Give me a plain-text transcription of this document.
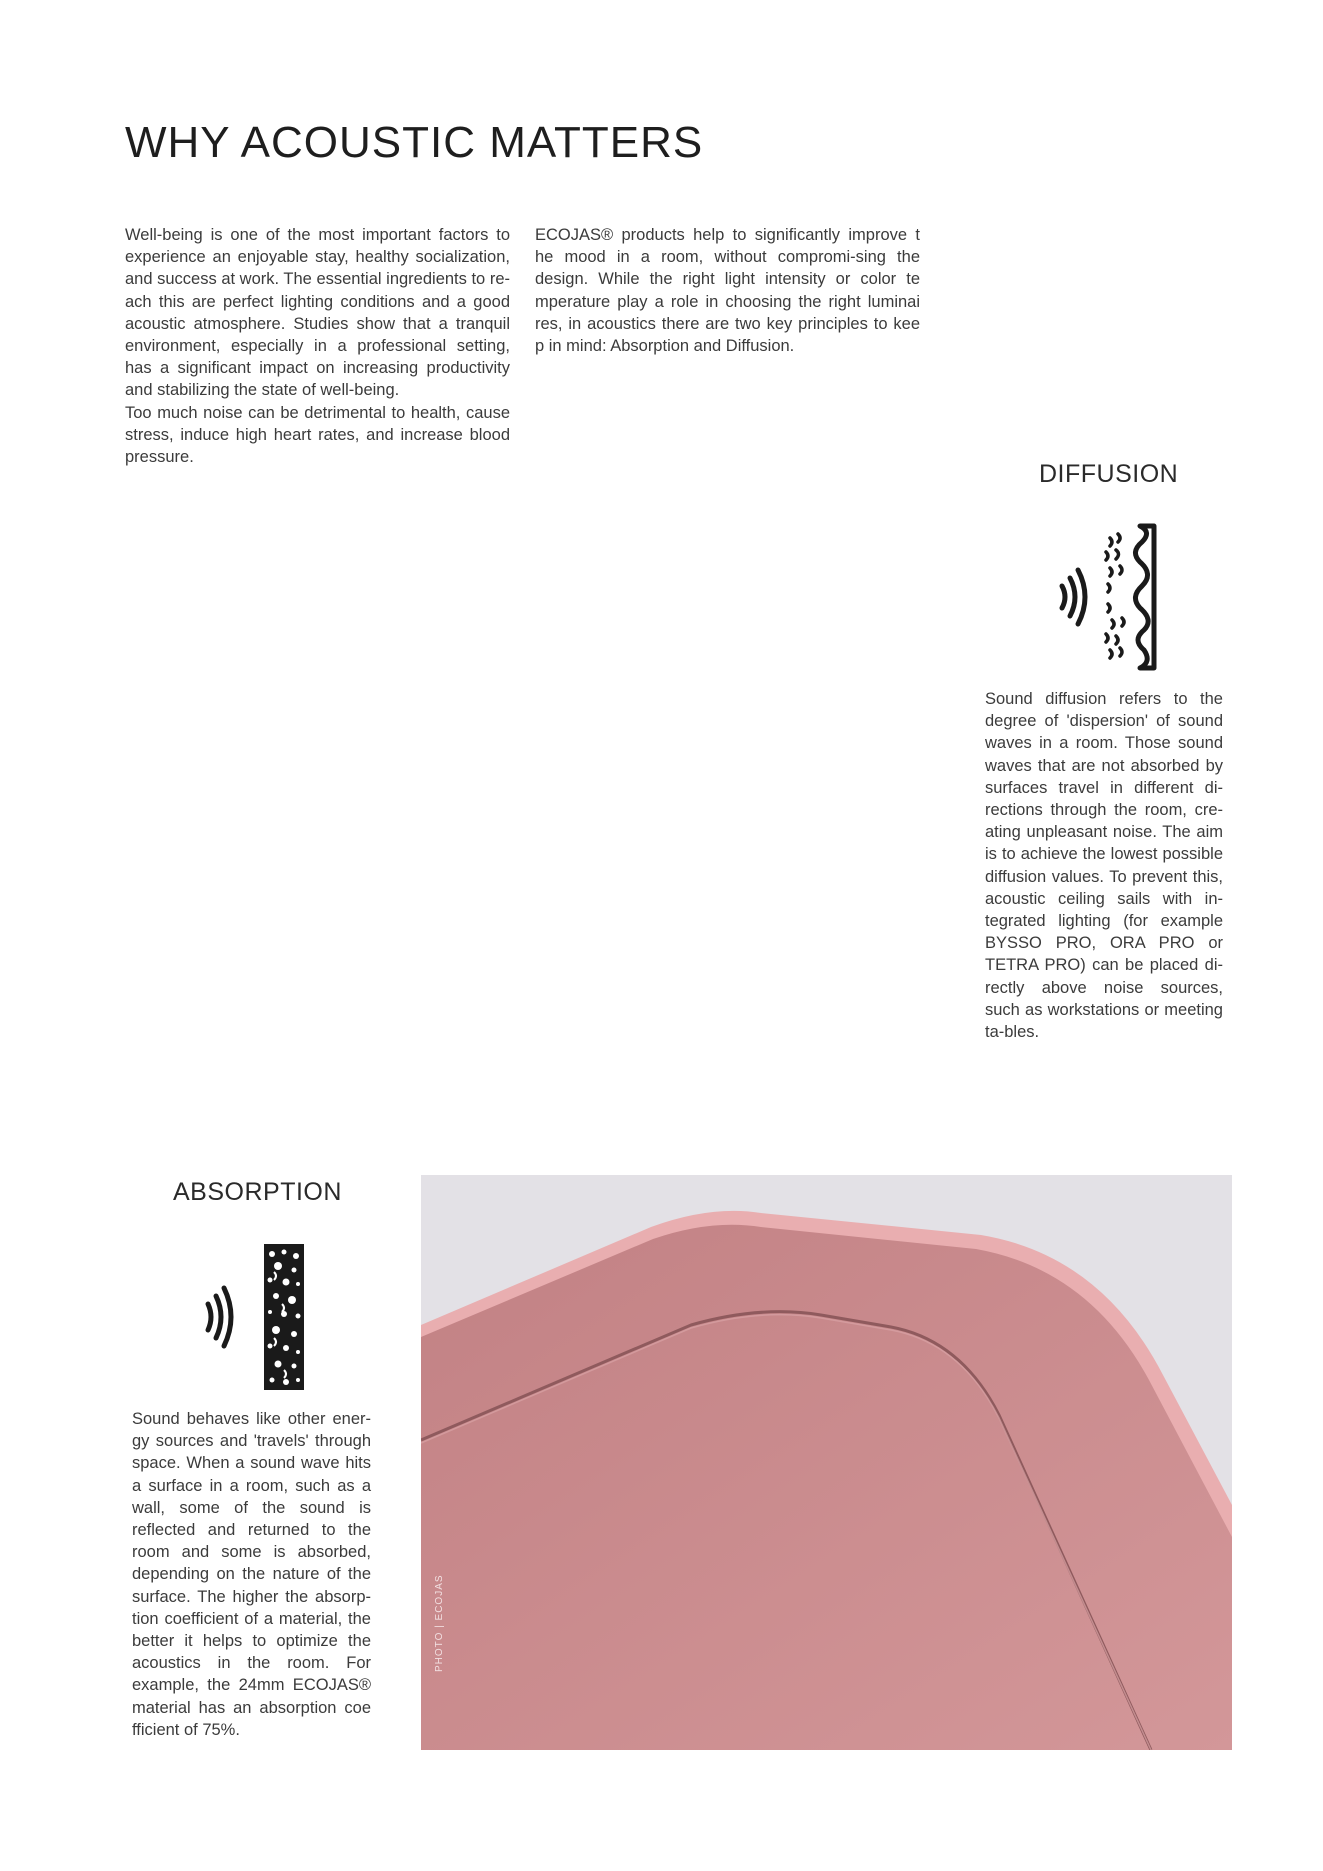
WHY ACOUSTIC MATTERS

Well-being is one of the most important factors to experience an enjoyable stay, healthy socialization, and success at work. The essential ingredients to re-ach this are perfect lighting conditions and a good acoustic atmosphere. Studies show that a tranquil environment, especially in a professional setting, has a significant impact on increasing productivity and stabilizing the state of well-being.

Too much noise can be detrimental to health, cause stress, induce high heart rates, and increase blood pressure.

ECOJAS® products help to significantly improve t he mood in a room, without compromi-sing the design. While the right light intensity or color te mperature play a role in choosing the right luminai res, in acoustics there are two key principles to kee p in mind: Absorption and Diffusion.

DIFFUSION
Sound diffusion refers to the degree of 'dispersion' of sound waves in a room. Those sound waves that are not absorbed by surfaces travel in different di-rections through the room, cre-ating unpleasant noise. The aim is to achieve the lowest possible diffusion values. To prevent this, acoustic ceiling sails with in-tegrated lighting (for example BYSSO PRO, ORA PRO or TETRA PRO) can be placed di-rectly above noise sources, such as workstations or meeting ta-bles.
ABSORPTION
Sound behaves like other ener-gy sources and 'travels' through space. When a sound wave hits a surface in a room, such as a wall, some of the sound is reflected and returned to the room and some is absorbed, depending on the nature of the surface. The higher the absorp-tion coefficient of a material, the better it helps to optimize the acoustics in the room. For example, the 24mm ECOJAS® material has an absorption coe fficient of 75%.
PHOTO | ECOJAS
